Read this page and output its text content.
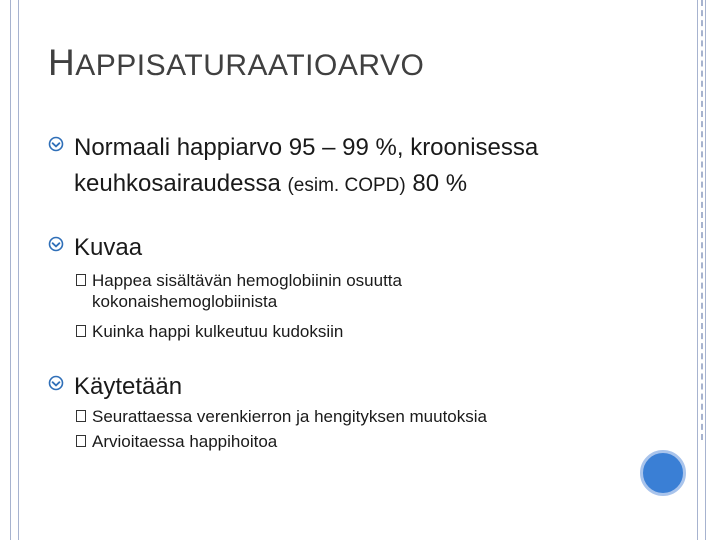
HAPPISATURAATIOARVO
Normaali happiarvo 95 – 99 %, kroonisessa
keuhkosairaudessa (esim. COPD) 80 %
Kuvaa
Happea sisältävän hemoglobiinin osuutta
kokonaishemoglobiinista
Kuinka happi kulkeutuu kudoksiin
Käytetään
Seurattaessa verenkierron ja hengityksen muutoksia
Arvioitaessa happihoitoa
